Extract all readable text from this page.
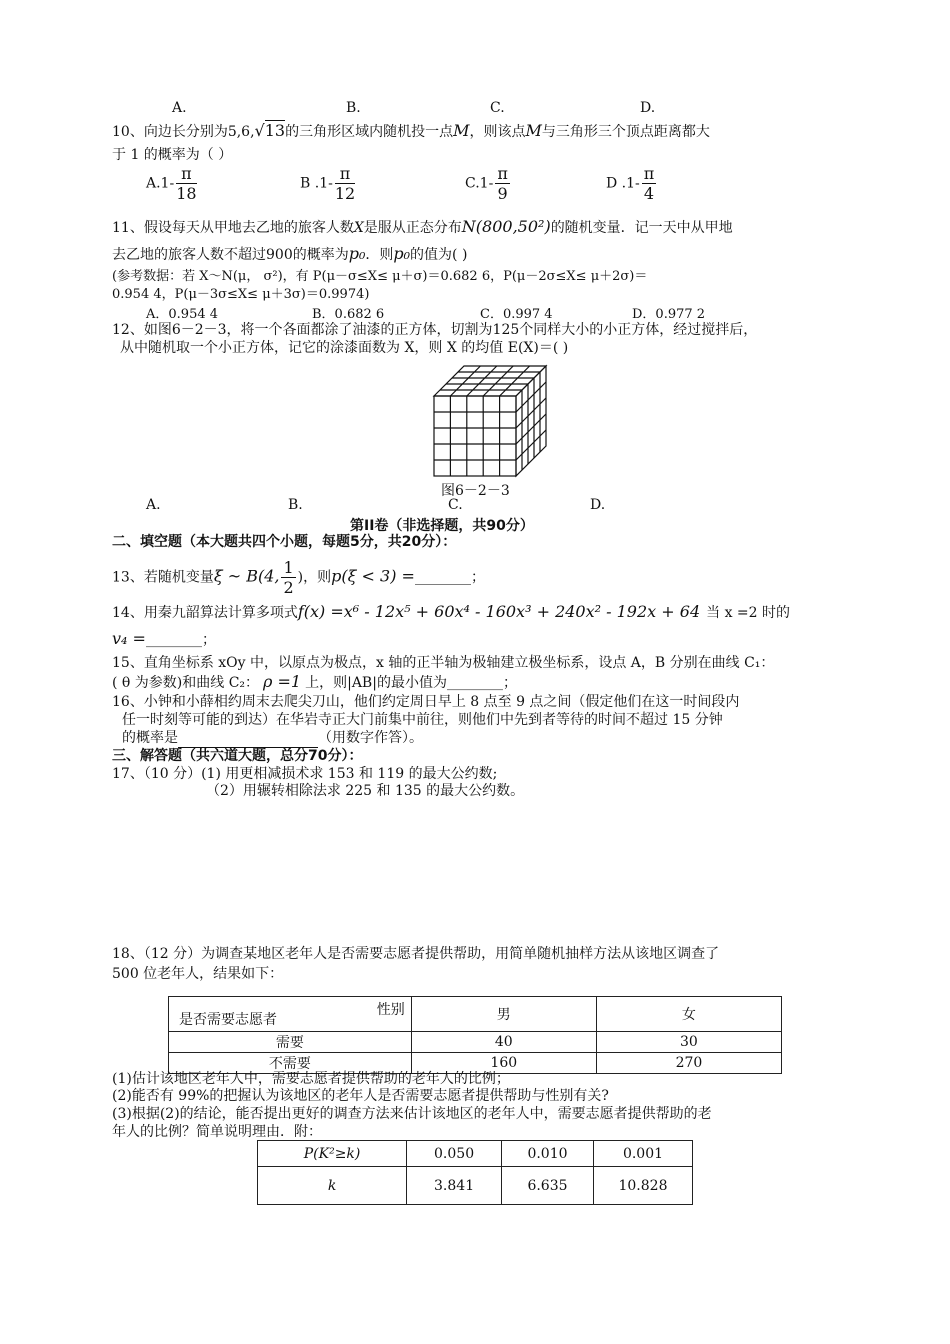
A.	B.	C.	D.
10、向边长分别为5,6,√13的三角形区域内随机投一点M，则该点M与三角形三个顶点距离都大
于 1 的概率为（ ）
$A.1- \frac{\pi}{18}$	B $.1- \frac{\pi}{12}$	$C.1- \frac{\pi}{9}$	D $.1- \frac{\pi}{4}$
11、假设每天从甲地去乙地的旅客人数X是服从正态分布N(800,50²)的随机变量．记一天中从甲地
去乙地的旅客人数不超过900的概率为p₀．则p₀的值为( )
(参考数据：若 X～N(μ， σ²)，有 P(μ－σ≤X≤ μ＋σ)＝0.682 6，P(μ－2σ≤X≤ μ＋2σ)＝
0.954 4，P(μ－3σ≤X≤ μ＋3σ)＝0.9974)
A．0.954 4	B．0.682 6	C．0.997 4	D．0.977 2
12、如图6－2－3，将一个各面都涂了油漆的正方体，切割为125个同样大小的小正方体，经过搅拌后，
从中随机取一个小正方体，记它的涂漆面数为 X，则 X 的均值 E(X)＝( )
图6－2－3
A.	B.	C.	D.
第II卷（非选择题，共90分）
二、填空题（本大题共四个小题，每题5分，共20分）：
13、若随机变量ξ ~ B(4, $\frac{1}{2}$ )，则p(ξ < 3) =________；
14、用秦九韶算法计算多项式f(x) =x⁶ - 12x⁵ + 60x⁴ - 160x³ + 240x² - 192x + 64 当 x =2 时的
v₄ =________；
15、直角坐标系 xOy 中，以原点为极点，x 轴的正半轴为极轴建立极坐标系，设点 A，B 分别在曲线 C₁：
( θ 为参数)和曲线 C₂： ρ =1 上，则|AB|的最小值为________；
16、小钟和小薛相约周末去爬尖刀山，他们约定周日早上 8 点至 9 点之间（假定他们在这一时间段内
任一时刻等可能的到达）在华岩寺正大门前集中前往，则他们中先到者等待的时间不超过 15 分钟
的概率是	（用数字作答）。
三、解答题（共六道大题，总分70分）：
17、（10 分）(1) 用更相减损术求 153 和 119 的最大公约数;
（2）用辗转相除法求 225 和 135 的最大公约数。
18、（12 分）为调查某地区老年人是否需要志愿者提供帮助，用简单随机抽样方法从该地区调查了
500 位老年人，结果如下：
性别
是否需要志愿者	男	女
需要	40	30
不需要	160	270
(1)估计该地区老年人中，需要志愿者提供帮助的老年人的比例；
(2)能否有 99%的把握认为该地区的老年人是否需要志愿者提供帮助与性别有关?
(3)根据(2)的结论，能否提出更好的调查方法来估计该地区的老年人中，需要志愿者提供帮助的老
年人的比例？简单说明理由．附：
P(K²≥k)	0.050	0.010	0.001
k	3.841	6.635	10.828
